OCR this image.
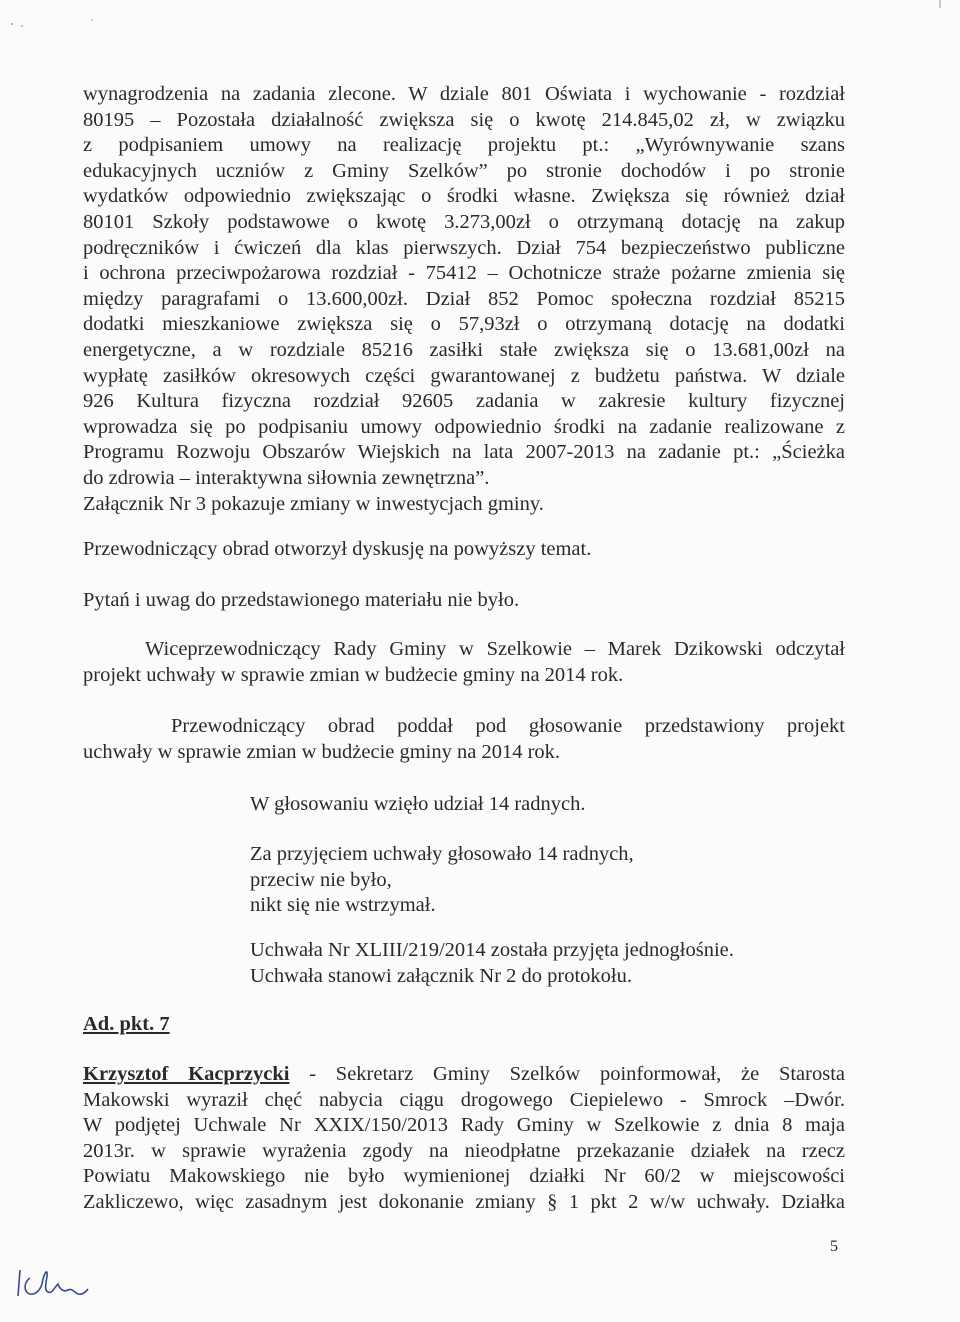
wynagrodzenia na zadania zlecone. W dziale 801 Oświata i wychowanie - rozdział
80195 – Pozostała działalność zwiększa się o kwotę 214.845,02 zł, w związku
z podpisaniem umowy na realizację projektu pt.: „Wyrównywanie szans
edukacyjnych uczniów z Gminy Szelków” po stronie dochodów i po stronie
wydatków odpowiednio zwiększając o środki własne. Zwiększa się również dział
80101 Szkoły podstawowe o kwotę 3.273,00zł o otrzymaną dotację na zakup
podręczników i ćwiczeń dla klas pierwszych. Dział 754 bezpieczeństwo publiczne
i ochrona przeciwpożarowa rozdział - 75412 – Ochotnicze straże pożarne zmienia się
między paragrafami o 13.600,00zł. Dział 852 Pomoc społeczna rozdział 85215
dodatki mieszkaniowe zwiększa się o 57,93zł o otrzymaną dotację na dodatki
energetyczne, a w rozdziale 85216 zasiłki stałe zwiększa się o 13.681,00zł na
wypłatę zasiłków okresowych części gwarantowanej z budżetu państwa. W dziale
926 Kultura fizyczna rozdział 92605 zadania w zakresie kultury fizycznej
wprowadza się po podpisaniu umowy odpowiednio środki na zadanie realizowane z
Programu Rozwoju Obszarów Wiejskich na lata 2007-2013 na zadanie pt.: „Ścieżka
do zdrowia – interaktywna siłownia zewnętrzna”.
Załącznik Nr 3 pokazuje zmiany w inwestycjach gminy.
Przewodniczący obrad otworzył dyskusję na powyższy temat.
Pytań i uwag do przedstawionego materiału nie było.
Wiceprzewodniczący Rady Gminy w Szelkowie – Marek Dzikowski odczytał
projekt uchwały w sprawie zmian w budżecie gminy na 2014 rok.
Przewodniczący obrad poddał pod głosowanie przedstawiony projekt
uchwały w sprawie zmian w budżecie gminy na 2014 rok.
W głosowaniu wzięło udział 14 radnych.
Za przyjęciem uchwały głosowało 14 radnych,
przeciw nie było,
nikt się nie wstrzymał.
Uchwała Nr XLIII/219/2014 została przyjęta jednogłośnie.
Uchwała stanowi załącznik Nr 2 do protokołu.
Ad. pkt. 7
Krzysztof Kacprzycki - Sekretarz Gminy Szelków poinformował, że Starosta
Makowski wyraził chęć nabycia ciągu drogowego Ciepielewo - Smrock –Dwór.
W podjętej Uchwale Nr XXIX/150/2013 Rady Gminy w Szelkowie z dnia 8 maja
2013r. w sprawie wyrażenia zgody na nieodpłatne przekazanie działek na rzecz
Powiatu Makowskiego nie było wymienionej działki Nr 60/2 w miejscowości
Zakliczewo, więc zasadnym jest dokonanie zmiany § 1 pkt 2 w/w uchwały. Działka
5
